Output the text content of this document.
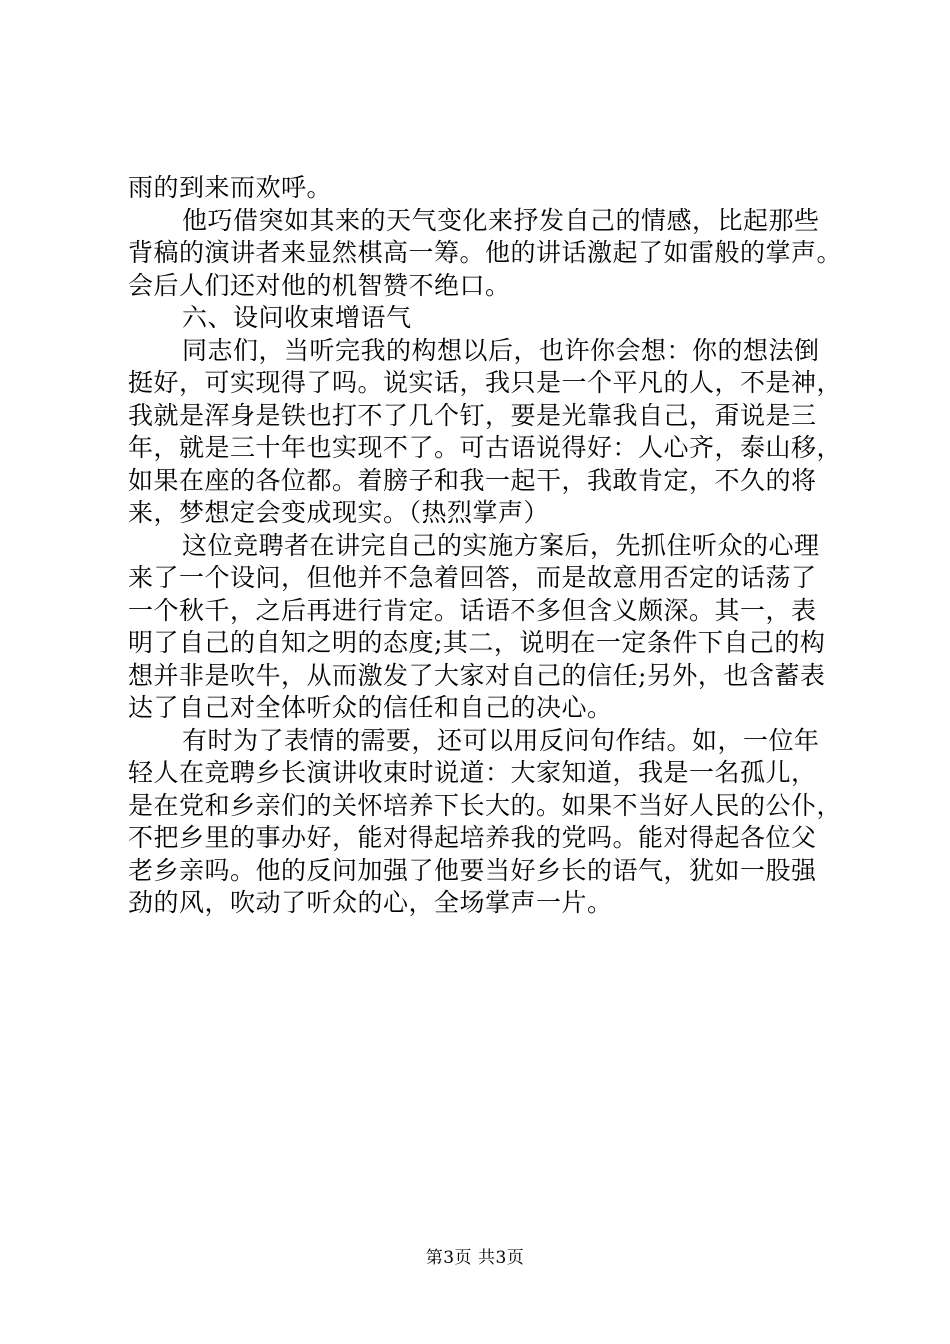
雨的到来而欢呼。
他巧借突如其来的天气变化来抒发自己的情感，比起那些
背稿的演讲者来显然棋高一筹。他的讲话激起了如雷般的掌声。
会后人们还对他的机智赞不绝口。
六、设问收束增语气
同志们，当听完我的构想以后，也许你会想：你的想法倒
挺好，可实现得了吗。说实话，我只是一个平凡的人，不是神，
我就是浑身是铁也打不了几个钉，要是光靠我自己，甭说是三
年，就是三十年也实现不了。可古语说得好：人心齐，泰山移，
如果在座的各位都。着膀子和我一起干，我敢肯定，不久的将
来，梦想定会变成现实。（热烈掌声）
这位竞聘者在讲完自己的实施方案后，先抓住听众的心理
来了一个设问，但他并不急着回答，而是故意用否定的话荡了
一个秋千，之后再进行肯定。话语不多但含义颇深。其一，表
明了自己的自知之明的态度;其二，说明在一定条件下自己的构
想并非是吹牛，从而激发了大家对自己的信任;另外，也含蓄表
达了自己对全体听众的信任和自己的决心。
有时为了表情的需要，还可以用反问句作结。如，一位年
轻人在竞聘乡长演讲收束时说道：大家知道，我是一名孤儿，
是在党和乡亲们的关怀培养下长大的。如果不当好人民的公仆，
不把乡里的事办好，能对得起培养我的党吗。能对得起各位父
老乡亲吗。他的反问加强了他要当好乡长的语气，犹如一股强
劲的风，吹动了听众的心，全场掌声一片。
第3页 共3页
